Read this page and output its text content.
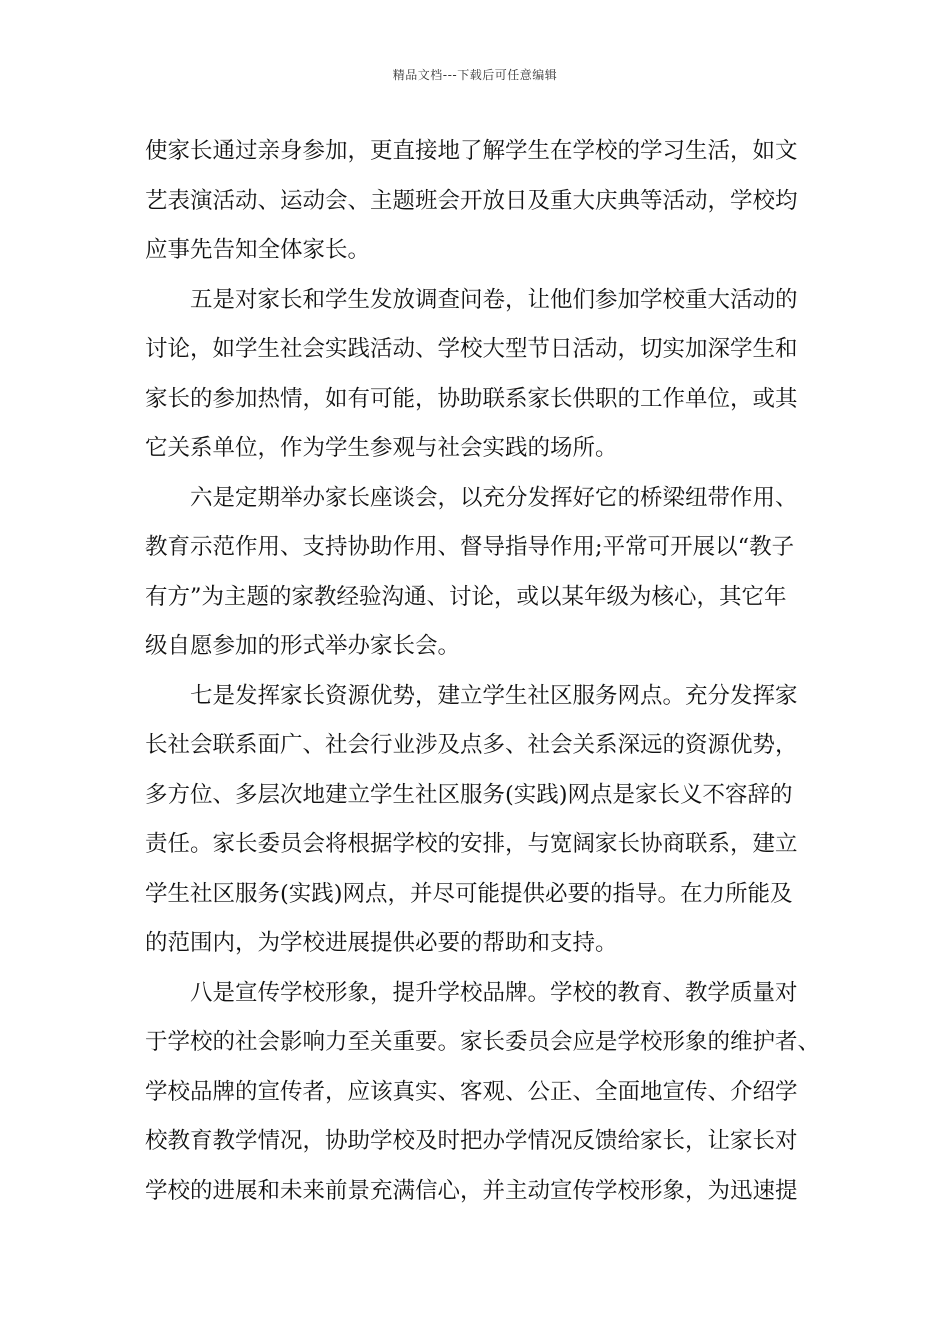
精品文档---下载后可任意编辑
使家长通过亲身参加，更直接地了解学生在学校的学习生活，如文
艺表演活动、运动会、主题班会开放日及重大庆典等活动，学校均
应事先告知全体家长。
五是对家长和学生发放调查问卷，让他们参加学校重大活动的
讨论，如学生社会实践活动、学校大型节日活动，切实加深学生和
家长的参加热情，如有可能，协助联系家长供职的工作单位，或其
它关系单位，作为学生参观与社会实践的场所。
六是定期举办家长座谈会，以充分发挥好它的桥梁纽带作用、
教育示范作用、支持协助作用、督导指导作用;平常可开展以“教子
有方”为主题的家教经验沟通、讨论，或以某年级为核心，其它年
级自愿参加的形式举办家长会。
七是发挥家长资源优势，建立学生社区服务网点。充分发挥家
长社会联系面广、社会行业涉及点多、社会关系深远的资源优势，
多方位、多层次地建立学生社区服务(实践)网点是家长义不容辞的
责任。家长委员会将根据学校的安排，与宽阔家长协商联系，建立
学生社区服务(实践)网点，并尽可能提供必要的指导。在力所能及
的范围内，为学校进展提供必要的帮助和支持。
八是宣传学校形象，提升学校品牌。学校的教育、教学质量对
于学校的社会影响力至关重要。家长委员会应是学校形象的维护者、
学校品牌的宣传者，应该真实、客观、公正、全面地宣传、介绍学
校教育教学情况，协助学校及时把办学情况反馈给家长，让家长对
学校的进展和未来前景充满信心，并主动宣传学校形象，为迅速提
